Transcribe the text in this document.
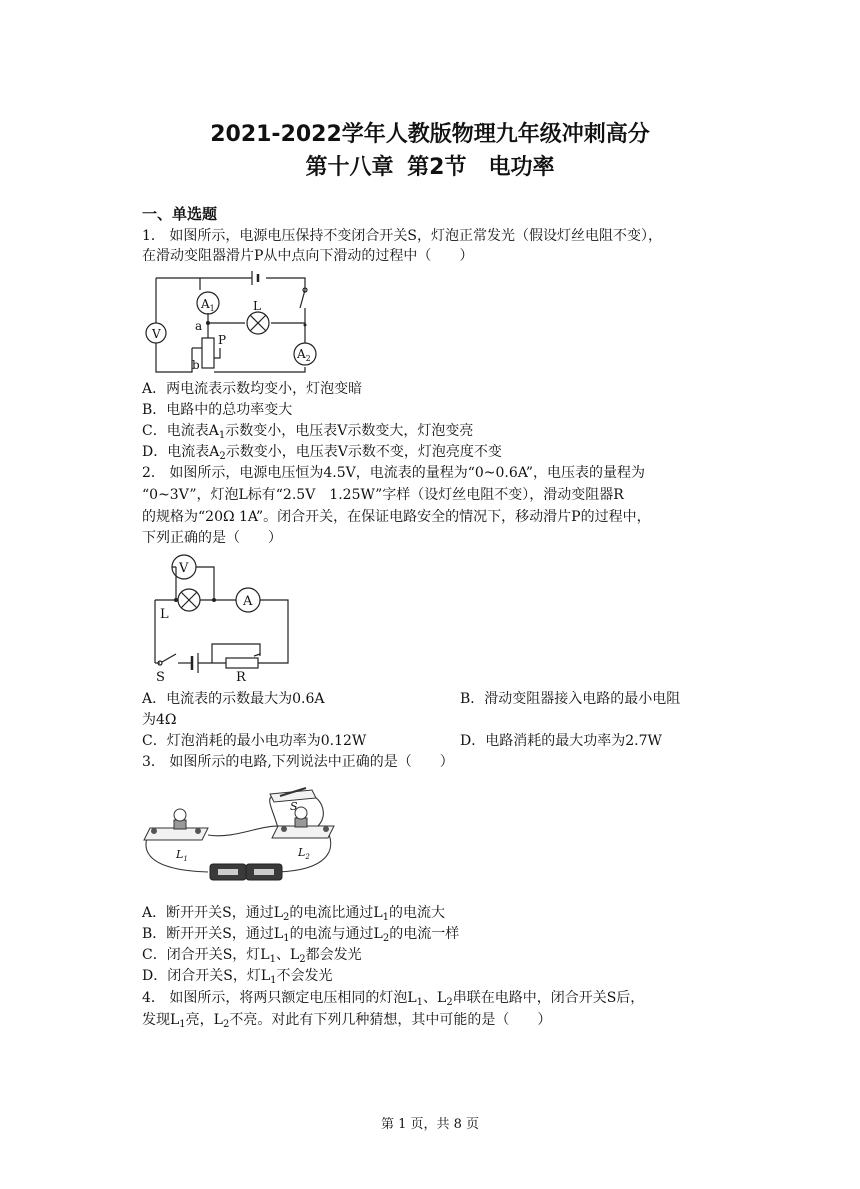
2021-2022学年人教版物理九年级冲刺高分
第十八章 第2节　电功率
一、单选题
1． 如图所示，电源电压保持不变闭合开关S，灯泡正常发光（假设灯丝电阻不变），
在滑动变阻器滑片P从中点向下滑动的过程中（　　）
V
$A_1$
$A_2$
L
a
b
P
A．两电流表示数均变小，灯泡变暗
B．电路中的总功率变大
C．电流表$A_1$示数变小，电压表V示数变大，灯泡变亮
D．电流表$A_2$示数变小，电压表V示数不变，灯泡亮度不变
2． 如图所示，电源电压恒为4.5V，电流表的量程为“0~0.6A”，电压表的量程为
“0~3V”，灯泡L标有“2.5V　1.25W”字样（设灯丝电阻不变），滑动变阻器R
的规格为“20Ω 1A”。闭合开关，在保证电路安全的情况下，移动滑片P的过程中，
下列正确的是（　　）
V
A
L
S	R
A．电流表的示数最大为0.6A	B．滑动变阻器接入电路的最小电阻
为4Ω
C．灯泡消耗的最小电功率为0.12W	D．电路消耗的最大功率为2.7W
3． 如图所示的电路,下列说法中正确的是（　　）
S
$L_1$	$L_2$
A．断开开关S，通过$L_2$的电流比通过$L_1$的电流大
B．断开开关S，通过$L_1$的电流与通过$L_2$的电流一样
C．闭合开关S，灯$L_1$、$L_2$都会发光
D．闭合开关S，灯$L_1$不会发光
4． 如图所示，将两只额定电压相同的灯泡$L_1$、$L_2$串联在电路中，闭合开关S后，
发现$L_1$亮，$L_2$不亮。对此有下列几种猜想，其中可能的是（　　）
第 1 页，共 8 页
